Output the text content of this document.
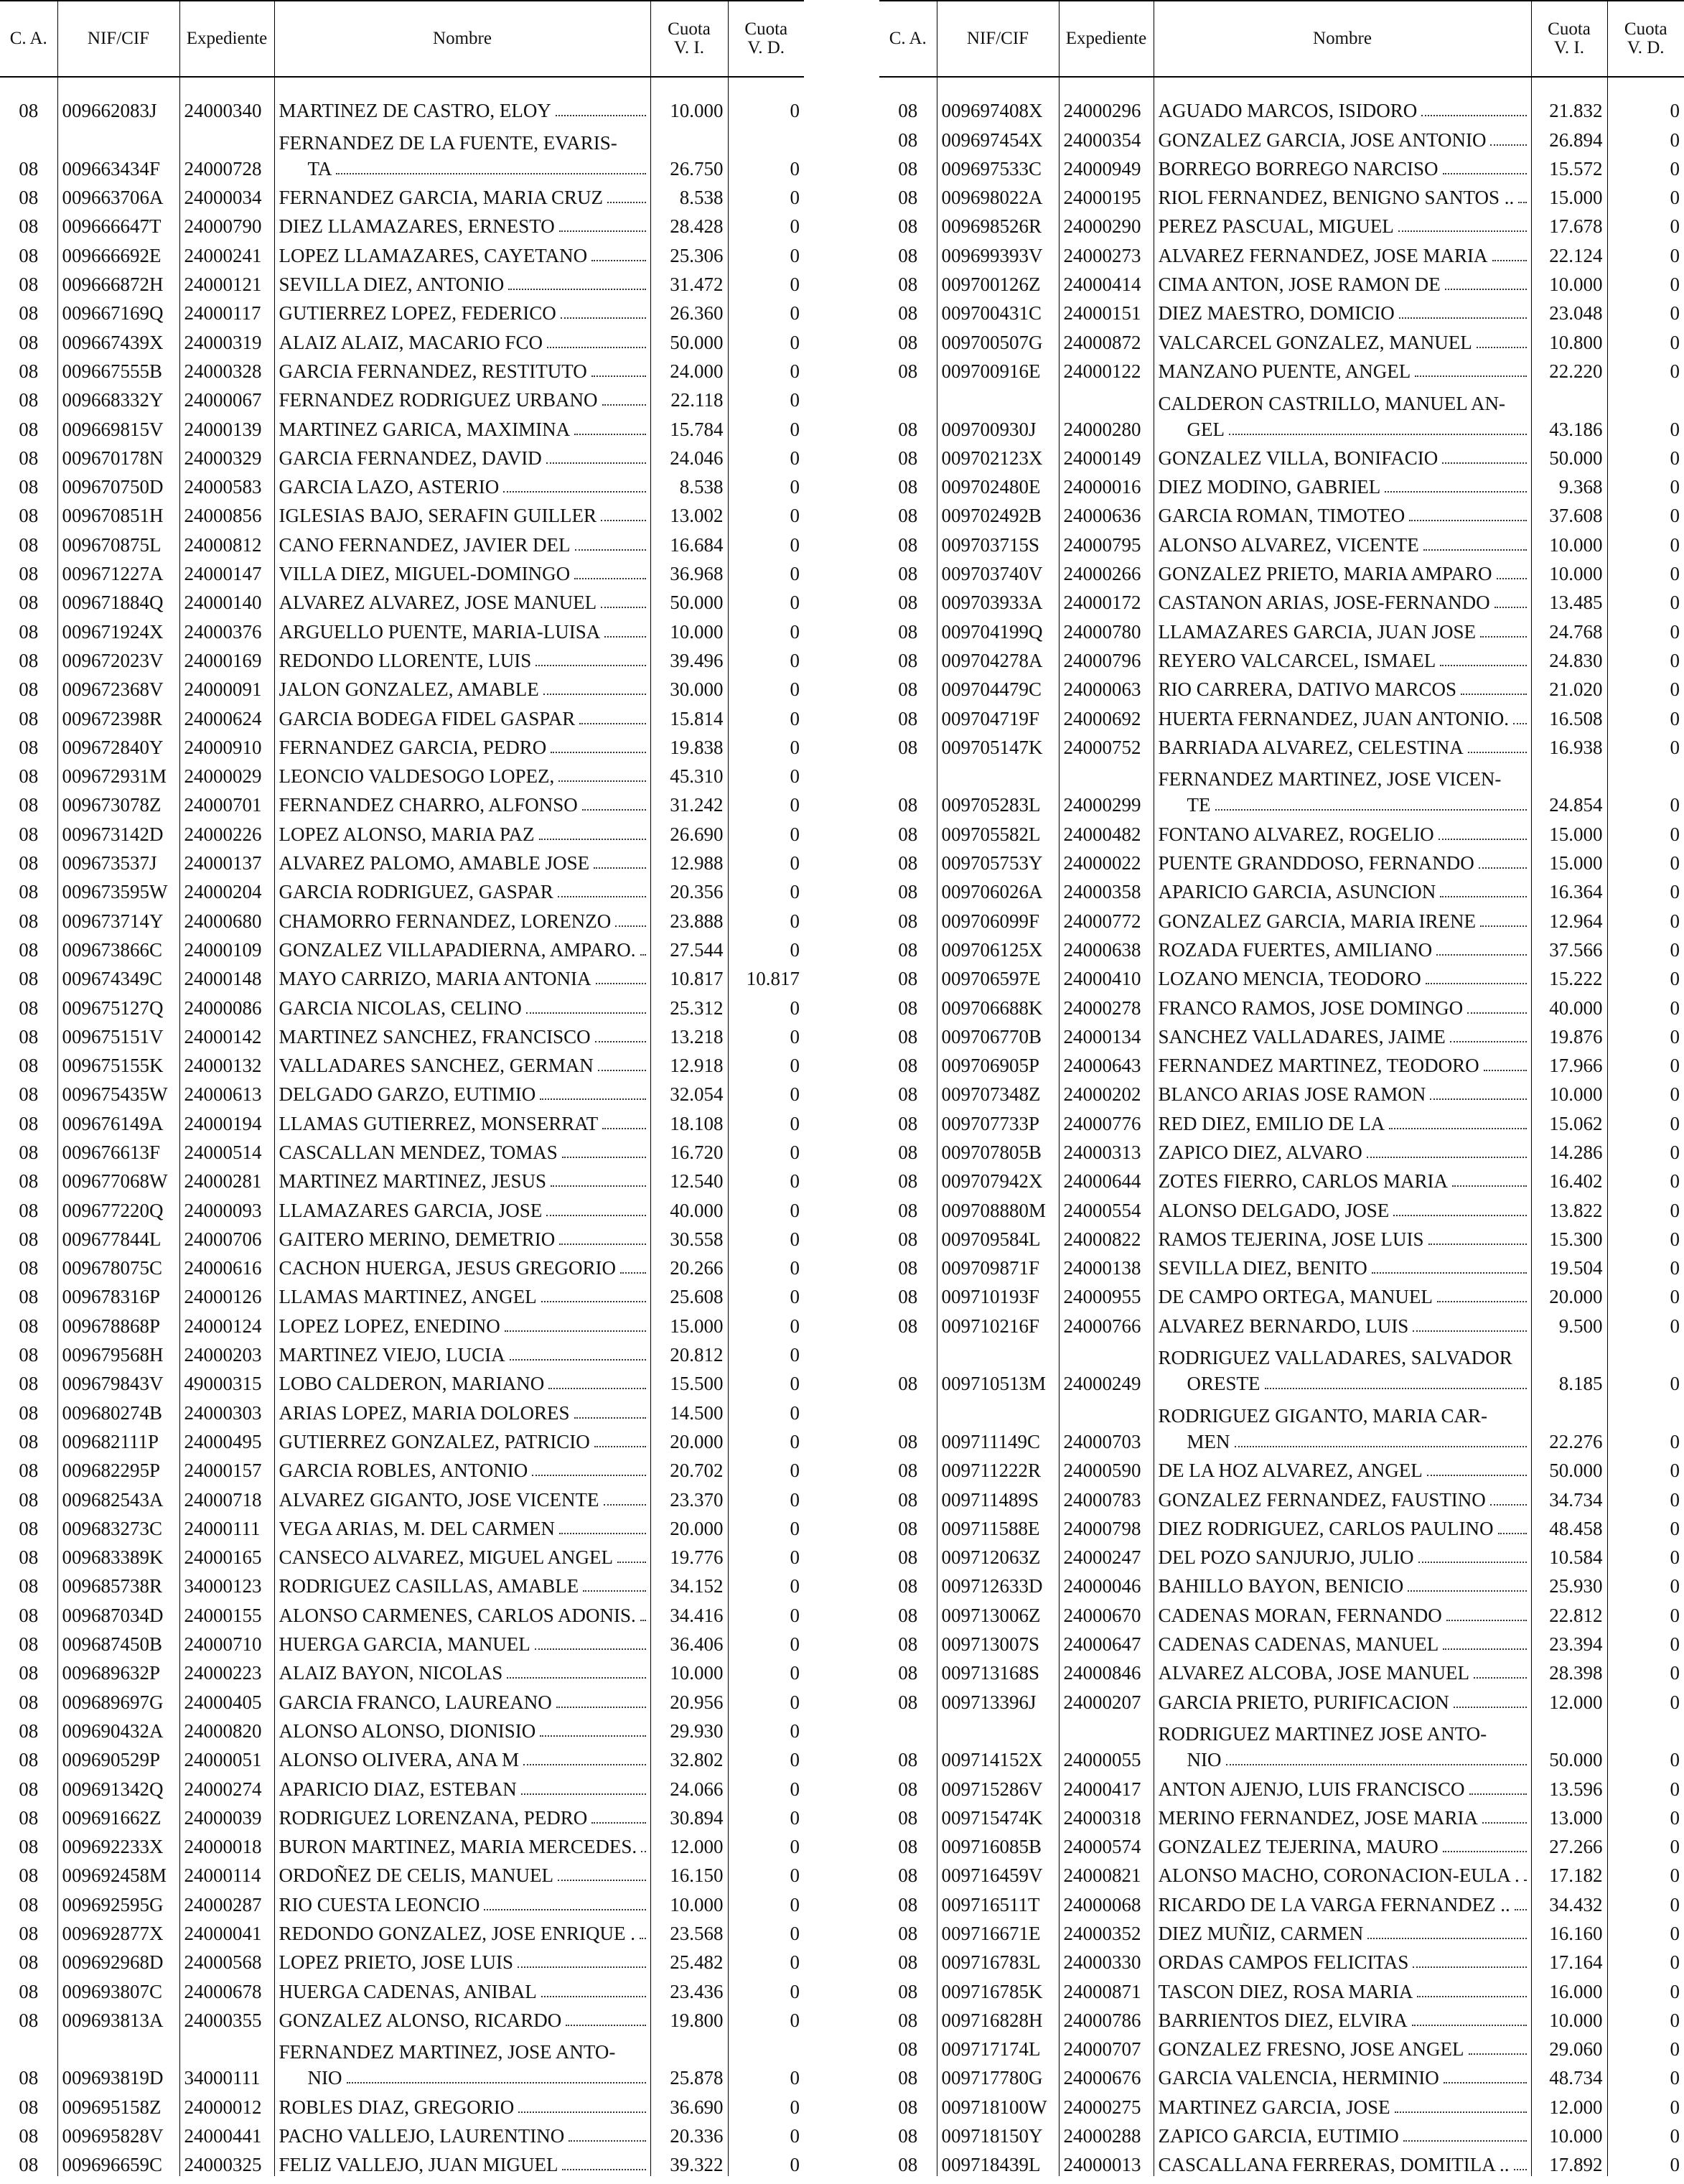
C. A.	NIF/CIF	Expediente	Nombre	Cuota
V. I.	Cuota
V. D.

08	009662083J	24000340	MARTINEZ DE CASTRO, ELOY	10.000	0
08	009663434F	24000728	FERNANDEZ DE LA FUENTE, EVARIS-
TA	26.750	0
08	009663706A	24000034	FERNANDEZ GARCIA, MARIA CRUZ	8.538	0
08	009666647T	24000790	DIEZ LLAMAZARES, ERNESTO	28.428	0
08	009666692E	24000241	LOPEZ LLAMAZARES, CAYETANO	25.306	0
08	009666872H	24000121	SEVILLA DIEZ, ANTONIO	31.472	0
08	009667169Q	24000117	GUTIERREZ LOPEZ, FEDERICO	26.360	0
08	009667439X	24000319	ALAIZ ALAIZ, MACARIO FCO	50.000	0
08	009667555B	24000328	GARCIA FERNANDEZ, RESTITUTO	24.000	0
08	009668332Y	24000067	FERNANDEZ RODRIGUEZ URBANO	22.118	0
08	009669815V	24000139	MARTINEZ GARICA, MAXIMINA	15.784	0
08	009670178N	24000329	GARCIA FERNANDEZ, DAVID	24.046	0
08	009670750D	24000583	GARCIA LAZO, ASTERIO	8.538	0
08	009670851H	24000856	IGLESIAS BAJO, SERAFIN GUILLER	13.002	0
08	009670875L	24000812	CANO FERNANDEZ, JAVIER DEL	16.684	0
08	009671227A	24000147	VILLA DIEZ, MIGUEL-DOMINGO	36.968	0
08	009671884Q	24000140	ALVAREZ ALVAREZ, JOSE MANUEL	50.000	0
08	009671924X	24000376	ARGUELLO PUENTE, MARIA-LUISA	10.000	0
08	009672023V	24000169	REDONDO LLORENTE, LUIS	39.496	0
08	009672368V	24000091	JALON GONZALEZ, AMABLE	30.000	0
08	009672398R	24000624	GARCIA BODEGA FIDEL GASPAR	15.814	0
08	009672840Y	24000910	FERNANDEZ GARCIA, PEDRO	19.838	0
08	009672931M	24000029	LEONCIO VALDESOGO LOPEZ,	45.310	0
08	009673078Z	24000701	FERNANDEZ CHARRO, ALFONSO	31.242	0
08	009673142D	24000226	LOPEZ ALONSO, MARIA PAZ	26.690	0
08	009673537J	24000137	ALVAREZ PALOMO, AMABLE JOSE	12.988	0
08	009673595W	24000204	GARCIA RODRIGUEZ, GASPAR	20.356	0
08	009673714Y	24000680	CHAMORRO FERNANDEZ, LORENZO	23.888	0
08	009673866C	24000109	GONZALEZ VILLAPADIERNA, AMPARO.	27.544	0
08	009674349C	24000148	MAYO CARRIZO, MARIA ANTONIA	10.817	10.817
08	009675127Q	24000086	GARCIA NICOLAS, CELINO	25.312	0
08	009675151V	24000142	MARTINEZ SANCHEZ, FRANCISCO	13.218	0
08	009675155K	24000132	VALLADARES SANCHEZ, GERMAN	12.918	0
08	009675435W	24000613	DELGADO GARZO, EUTIMIO	32.054	0
08	009676149A	24000194	LLAMAS GUTIERREZ, MONSERRAT	18.108	0
08	009676613F	24000514	CASCALLAN MENDEZ, TOMAS	16.720	0
08	009677068W	24000281	MARTINEZ MARTINEZ, JESUS	12.540	0
08	009677220Q	24000093	LLAMAZARES GARCIA, JOSE	40.000	0
08	009677844L	24000706	GAITERO MERINO, DEMETRIO	30.558	0
08	009678075C	24000616	CACHON HUERGA, JESUS GREGORIO	20.266	0
08	009678316P	24000126	LLAMAS MARTINEZ, ANGEL	25.608	0
08	009678868P	24000124	LOPEZ LOPEZ, ENEDINO	15.000	0
08	009679568H	24000203	MARTINEZ VIEJO, LUCIA	20.812	0
08	009679843V	49000315	LOBO CALDERON, MARIANO	15.500	0
08	009680274B	24000303	ARIAS LOPEZ, MARIA DOLORES	14.500	0
08	009682111P	24000495	GUTIERREZ GONZALEZ, PATRICIO	20.000	0
08	009682295P	24000157	GARCIA ROBLES, ANTONIO	20.702	0
08	009682543A	24000718	ALVAREZ GIGANTO, JOSE VICENTE	23.370	0
08	009683273C	24000111	VEGA ARIAS, M. DEL CARMEN	20.000	0
08	009683389K	24000165	CANSECO ALVAREZ, MIGUEL ANGEL	19.776	0
08	009685738R	34000123	RODRIGUEZ CASILLAS, AMABLE	34.152	0
08	009687034D	24000155	ALONSO CARMENES, CARLOS ADONIS.	34.416	0
08	009687450B	24000710	HUERGA GARCIA, MANUEL	36.406	0
08	009689632P	24000223	ALAIZ BAYON, NICOLAS	10.000	0
08	009689697G	24000405	GARCIA FRANCO, LAUREANO	20.956	0
08	009690432A	24000820	ALONSO ALONSO, DIONISIO	29.930	0
08	009690529P	24000051	ALONSO OLIVERA, ANA M	32.802	0
08	009691342Q	24000274	APARICIO DIAZ, ESTEBAN	24.066	0
08	009691662Z	24000039	RODRIGUEZ LORENZANA, PEDRO	30.894	0
08	009692233X	24000018	BURON MARTINEZ, MARIA MERCEDES.	12.000	0
08	009692458M	24000114	ORDOÑEZ DE CELIS, MANUEL	16.150	0
08	009692595G	24000287	RIO CUESTA LEONCIO	10.000	0
08	009692877X	24000041	REDONDO GONZALEZ, JOSE ENRIQUE .	23.568	0
08	009692968D	24000568	LOPEZ PRIETO, JOSE LUIS	25.482	0
08	009693807C	24000678	HUERGA CADENAS, ANIBAL	23.436	0
08	009693813A	24000355	GONZALEZ ALONSO, RICARDO	19.800	0
08	009693819D	34000111	FERNANDEZ MARTINEZ, JOSE ANTO-
NIO	25.878	0
08	009695158Z	24000012	ROBLES DIAZ, GREGORIO	36.690	0
08	009695828V	24000441	PACHO VALLEJO, LAURENTINO	20.336	0
08	009696659C	24000325	FELIZ VALLEJO, JUAN MIGUEL	39.322	0
C. A.	NIF/CIF	Expediente	Nombre	Cuota
V. I.	Cuota
V. D.

08	009697408X	24000296	AGUADO MARCOS, ISIDORO	21.832	0
08	009697454X	24000354	GONZALEZ GARCIA, JOSE ANTONIO	26.894	0
08	009697533C	24000949	BORREGO BORREGO NARCISO	15.572	0
08	009698022A	24000195	RIOL FERNANDEZ, BENIGNO SANTOS ..	15.000	0
08	009698526R	24000290	PEREZ PASCUAL, MIGUEL	17.678	0
08	009699393V	24000273	ALVAREZ FERNANDEZ, JOSE MARIA	22.124	0
08	009700126Z	24000414	CIMA ANTON, JOSE RAMON DE	10.000	0
08	009700431C	24000151	DIEZ MAESTRO, DOMICIO	23.048	0
08	009700507G	24000872	VALCARCEL GONZALEZ, MANUEL	10.800	0
08	009700916E	24000122	MANZANO PUENTE, ANGEL	22.220	0
08	009700930J	24000280	CALDERON CASTRILLO, MANUEL AN-
GEL	43.186	0
08	009702123X	24000149	GONZALEZ VILLA, BONIFACIO	50.000	0
08	009702480E	24000016	DIEZ MODINO, GABRIEL	9.368	0
08	009702492B	24000636	GARCIA ROMAN, TIMOTEO	37.608	0
08	009703715S	24000795	ALONSO ALVAREZ, VICENTE	10.000	0
08	009703740V	24000266	GONZALEZ PRIETO, MARIA AMPARO	10.000	0
08	009703933A	24000172	CASTANON ARIAS, JOSE-FERNANDO	13.485	0
08	009704199Q	24000780	LLAMAZARES GARCIA, JUAN JOSE	24.768	0
08	009704278A	24000796	REYERO VALCARCEL, ISMAEL	24.830	0
08	009704479C	24000063	RIO CARRERA, DATIVO MARCOS	21.020	0
08	009704719F	24000692	HUERTA FERNANDEZ, JUAN ANTONIO.	16.508	0
08	009705147K	24000752	BARRIADA ALVAREZ, CELESTINA	16.938	0
08	009705283L	24000299	FERNANDEZ MARTINEZ, JOSE VICEN-
TE	24.854	0
08	009705582L	24000482	FONTANO ALVAREZ, ROGELIO	15.000	0
08	009705753Y	24000022	PUENTE GRANDDOSO, FERNANDO	15.000	0
08	009706026A	24000358	APARICIO GARCIA, ASUNCION	16.364	0
08	009706099F	24000772	GONZALEZ GARCIA, MARIA IRENE	12.964	0
08	009706125X	24000638	ROZADA FUERTES, AMILIANO	37.566	0
08	009706597E	24000410	LOZANO MENCIA, TEODORO	15.222	0
08	009706688K	24000278	FRANCO RAMOS, JOSE DOMINGO	40.000	0
08	009706770B	24000134	SANCHEZ VALLADARES, JAIME	19.876	0
08	009706905P	24000643	FERNANDEZ MARTINEZ, TEODORO	17.966	0
08	009707348Z	24000202	BLANCO ARIAS JOSE RAMON	10.000	0
08	009707733P	24000776	RED DIEZ, EMILIO DE LA	15.062	0
08	009707805B	24000313	ZAPICO DIEZ, ALVARO	14.286	0
08	009707942X	24000644	ZOTES FIERRO, CARLOS MARIA	16.402	0
08	009708880M	24000554	ALONSO DELGADO, JOSE	13.822	0
08	009709584L	24000822	RAMOS TEJERINA, JOSE LUIS	15.300	0
08	009709871F	24000138	SEVILLA DIEZ, BENITO	19.504	0
08	009710193F	24000955	DE CAMPO ORTEGA, MANUEL	20.000	0
08	009710216F	24000766	ALVAREZ BERNARDO, LUIS	9.500	0
08	009710513M	24000249	RODRIGUEZ VALLADARES, SALVADOR
ORESTE	8.185	0
08	009711149C	24000703	RODRIGUEZ GIGANTO, MARIA CAR-
MEN	22.276	0
08	009711222R	24000590	DE LA HOZ ALVAREZ, ANGEL	50.000	0
08	009711489S	24000783	GONZALEZ FERNANDEZ, FAUSTINO	34.734	0
08	009711588E	24000798	DIEZ RODRIGUEZ, CARLOS PAULINO	48.458	0
08	009712063Z	24000247	DEL POZO SANJURJO, JULIO	10.584	0
08	009712633D	24000046	BAHILLO BAYON, BENICIO	25.930	0
08	009713006Z	24000670	CADENAS MORAN, FERNANDO	22.812	0
08	009713007S	24000647	CADENAS CADENAS, MANUEL	23.394	0
08	009713168S	24000846	ALVAREZ ALCOBA, JOSE MANUEL	28.398	0
08	009713396J	24000207	GARCIA PRIETO, PURIFICACION	12.000	0
08	009714152X	24000055	RODRIGUEZ MARTINEZ JOSE ANTO-
NIO	50.000	0
08	009715286V	24000417	ANTON AJENJO, LUIS FRANCISCO	13.596	0
08	009715474K	24000318	MERINO FERNANDEZ, JOSE MARIA	13.000	0
08	009716085B	24000574	GONZALEZ TEJERINA, MAURO	27.266	0
08	009716459V	24000821	ALONSO MACHO, CORONACION-EULA .	17.182	0
08	009716511T	24000068	RICARDO DE LA VARGA FERNANDEZ ..	34.432	0
08	009716671E	24000352	DIEZ MUÑIZ, CARMEN	16.160	0
08	009716783L	24000330	ORDAS CAMPOS FELICITAS	17.164	0
08	009716785K	24000871	TASCON DIEZ, ROSA MARIA	16.000	0
08	009716828H	24000786	BARRIENTOS DIEZ, ELVIRA	10.000	0
08	009717174L	24000707	GONZALEZ FRESNO, JOSE ANGEL	29.060	0
08	009717780G	24000676	GARCIA VALENCIA, HERMINIO	48.734	0
08	009718100W	24000275	MARTINEZ GARCIA, JOSE	12.000	0
08	009718150Y	24000288	ZAPICO GARCIA, EUTIMIO	10.000	0
08	009718439L	24000013	CASCALLANA FERRERAS, DOMITILA ..	17.892	0
